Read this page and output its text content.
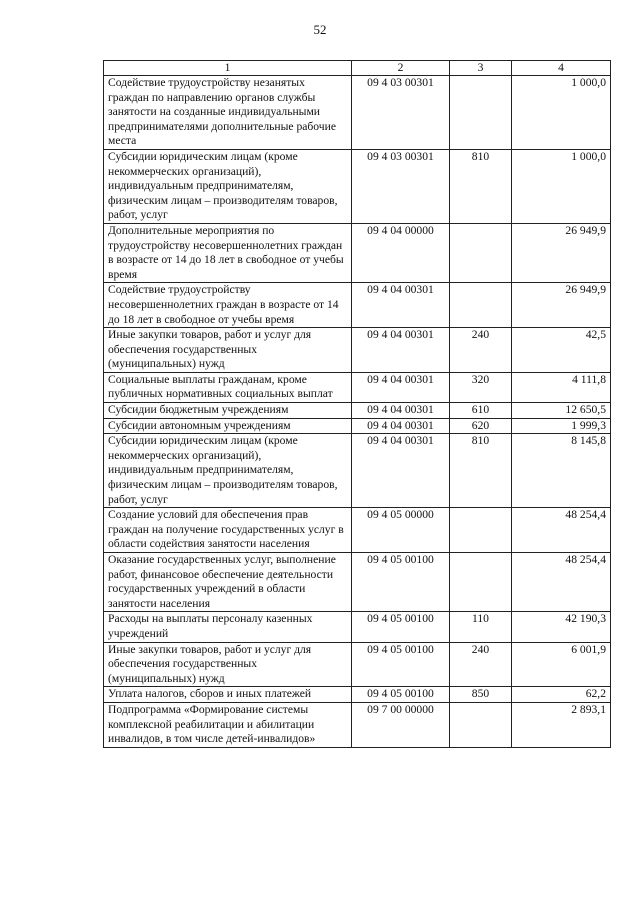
52
1	2	3	4
Содействие трудоустройству незанятых граждан по направлению органов службы занятости на созданные индивидуальными предпринимателями дополнительные рабочие места	09 4 03 00301		1 000,0
Субсидии юридическим лицам (кроме некоммерческих организаций), индивидуальным предпринимателям, физическим лицам – производителям товаров, работ, услуг	09 4 03 00301	810	1 000,0
Дополнительные мероприятия по трудоустройству несовершеннолетних граждан в возрасте от 14 до 18 лет в свободное от учебы время	09 4 04 00000		26 949,9
Содействие трудоустройству несовершеннолетних граждан в возрасте от 14 до 18 лет в свободное от учебы время	09 4 04 00301		26 949,9
Иные закупки товаров, работ и услуг для обеспечения государственных (муниципальных) нужд	09 4 04 00301	240	42,5
Социальные выплаты гражданам, кроме публичных нормативных социальных выплат	09 4 04 00301	320	4 111,8
Субсидии бюджетным учреждениям	09 4 04 00301	610	12 650,5
Субсидии автономным учреждениям	09 4 04 00301	620	1 999,3
Субсидии юридическим лицам (кроме некоммерческих организаций), индивидуальным предпринимателям, физическим лицам – производителям товаров, работ, услуг	09 4 04 00301	810	8 145,8
Создание условий для обеспечения прав граждан на получение государственных услуг в области содействия занятости населения	09 4 05 00000		48 254,4
Оказание государственных услуг, выполнение работ, финансовое обеспечение деятельности государственных учреждений в области занятости населения	09 4 05 00100		48 254,4
Расходы на выплаты персоналу казенных учреждений	09 4 05 00100	110	42 190,3
Иные закупки товаров, работ и услуг для обеспечения государственных (муниципальных) нужд	09 4 05 00100	240	6 001,9
Уплата налогов, сборов и иных платежей	09 4 05 00100	850	62,2
Подпрограмма «Формирование системы комплексной реабилитации и абилитации инвалидов, в том числе детей-инвалидов»	09 7 00 00000		2 893,1
